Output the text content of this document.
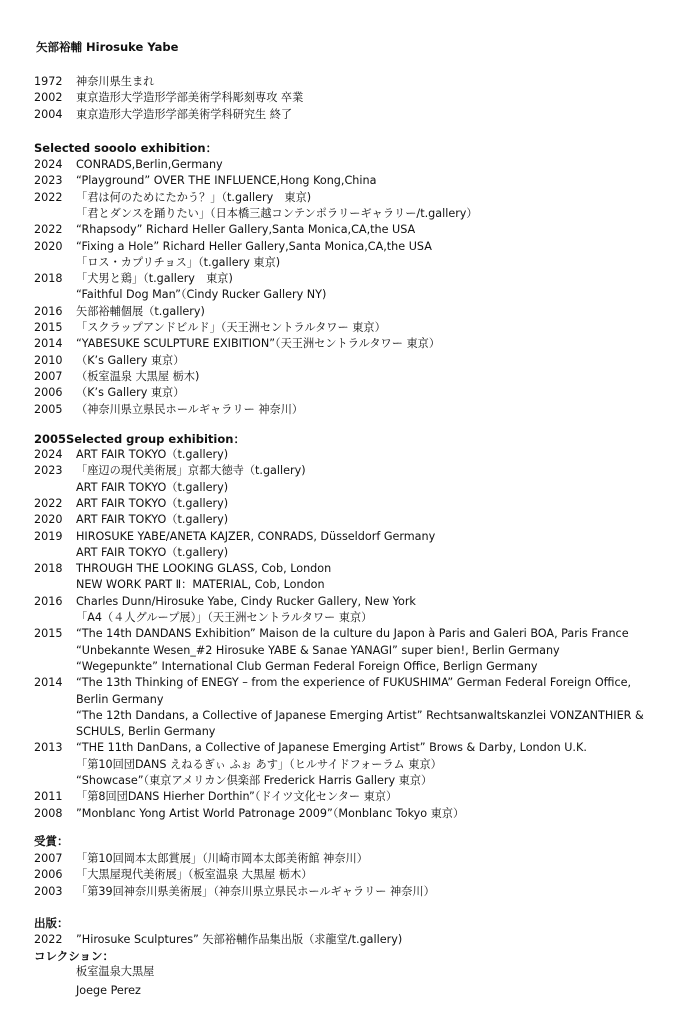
矢部裕輔 Hirosuke Yabe
1972 神奈川県生まれ
2002 東京造形大学造形学部美術学科彫刻専攻 卒業
2004 東京造形大学造形学部美術学科研究生 終了
Selected sooolo exhibition：
2024 CONRADS,Berlin,Germany
2023 “Playground” OVER THE INFLUENCE,Hong Kong,China
2022 「君は何のためにたかう？」（t.gallery　東京)
「君とダンスを踊りたい」（日本橋三越コンテンポラリーギャラリー/t.gallery）
2022 “Rhapsody” Richard Heller Gallery,Santa Monica,CA,the USA
2020 “Fixing a Hole” Richard Heller Gallery,Santa Monica,CA,the USA
「ロス・カプリチョス」（t.gallery 東京)
2018 「犬男と鶏」（t.gallery　東京)
“Faithful Dog Man”（Cindy Rucker Gallery NY)
2016 矢部裕輔個展（t.gallery)
2015 「スクラップアンドビルド」（天王洲セントラルタワー 東京）
2014 “YABESUKE SCULPTURE EXIBITION”（天王洲セントラルタワー 東京）
2010 （K’s Gallery 東京）
2007 （板室温泉 大黒屋 栃木)
2006 （K’s Gallery 東京）
2005 （神奈川県立県民ホールギャラリー 神奈川）
2005Selected group exhibition：
2024 ART FAIR TOKYO（t.gallery)
2023 「座辺の現代美術展」京都大徳寺（t.gallery)
ART FAIR TOKYO（t.gallery)
2022 ART FAIR TOKYO（t.gallery)
2020 ART FAIR TOKYO（t.gallery)
2019 HIROSUKE YABE/ANETA KAJZER, CONRADS, Düsseldorf Germany
ART FAIR TOKYO（t.gallery)
2018 THROUGH THE LOOKING GLASS, Cob, London
NEW WORK PART Ⅱ：MATERIAL, Cob, London
2016 Charles Dunn/Hirosuke Yabe, Cindy Rucker Gallery, New York
「A4（４人グループ展）」（天王洲セントラルタワー 東京）
2015 “The 14th DANDANS Exhibition” Maison de la culture du Japon à Paris and Galeri BOA, Paris France
“Unbekannte Wesen_#2 Hirosuke YABE & Sanae YANAGI” super bien!, Berlin Germany
“Wegepunkte” International Club German Federal Foreign Office, Berlign Germany
2014 “The 13th Thinking of ENEGY – from the experience of FUKUSHIMA” German Federal Foreign Office,
Berlin Germany
“The 12th Dandans, a Collective of Japanese Emerging Artist” Rechtsanwaltskanzlei VONZANTHIER &
SCHULS, Berlin Germany
2013 “THE 11th DanDans, a Collective of Japanese Emerging Artist” Brows & Darby, London U.K.
「第10回団DANS えねるぎぃ ふぉ あす」（ヒルサイドフォーラム 東京）
“Showcase”（東京アメリカン倶楽部 Frederick Harris Gallery 東京）
2011 「第8回団DANS Hierher Dorthin”（ドイツ文化センター 東京）
2008 ”Monblanc Yong Artist World Patronage 2009”（Monblanc Tokyo 東京）
受賞：
2007 「第10回岡本太郎賞展」（川崎市岡本太郎美術館 神奈川）
2006 「大黒屋現代美術展」（板室温泉 大黒屋 栃木）
2003 「第39回神奈川県美術展」（神奈川県立県民ホールギャラリー 神奈川）
出版：
2022 ”Hirosuke Sculptures” 矢部裕輔作品集出版（求龍堂/t.gallery)
コレクション：
板室温泉大黒屋
Joege Perez
